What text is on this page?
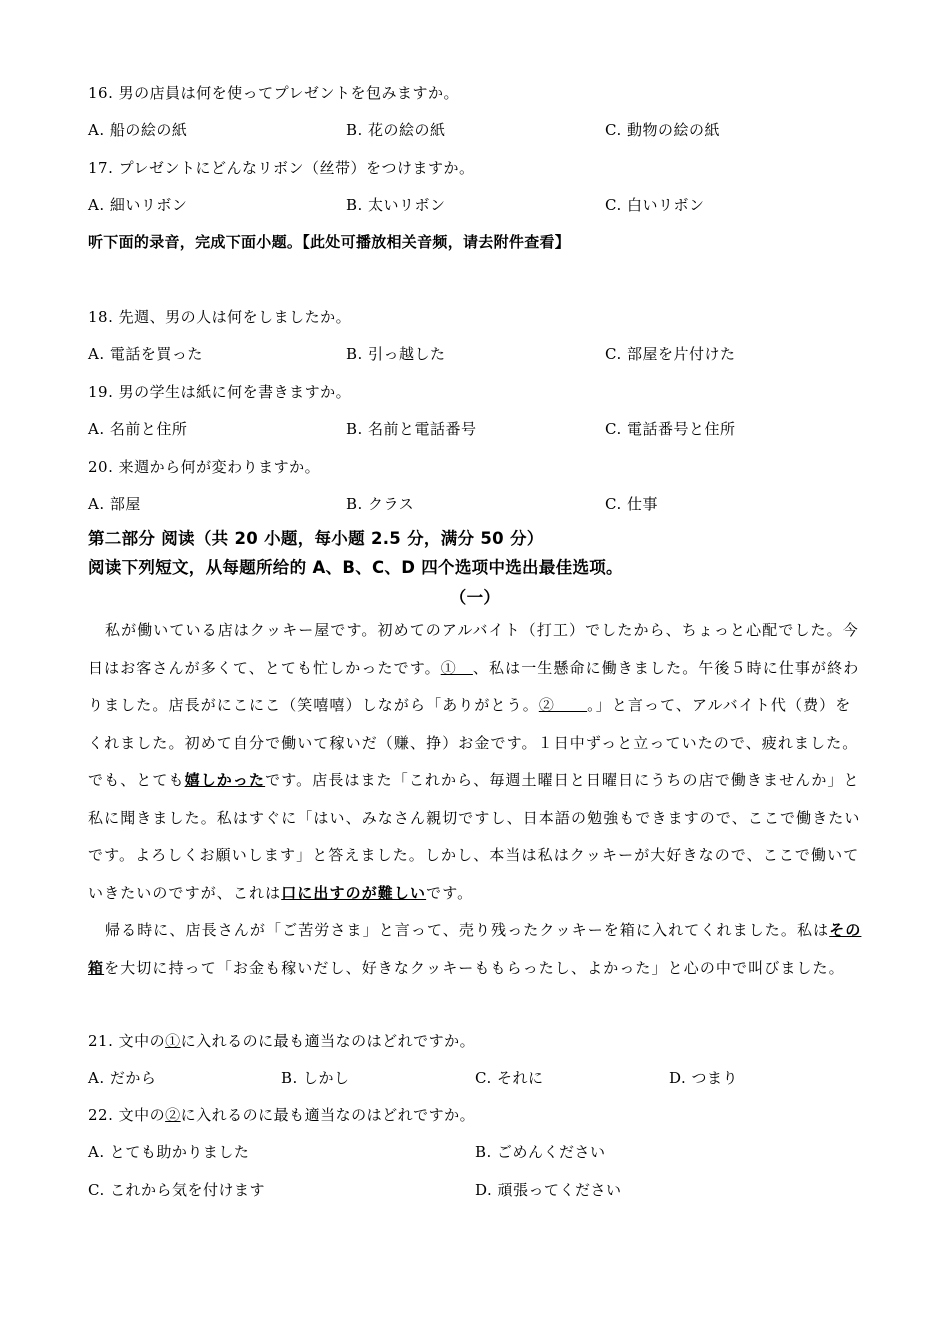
16. 男の店員は何を使ってプレゼントを包みますか。
A. 船の絵の紙	B. 花の絵の紙	C. 動物の絵の紙
17. プレゼントにどんなリボン（丝带）をつけますか。
A. 細いリボン	B. 太いリボン	C. 白いリボン
听下面的录音，完成下面小题。【此处可播放相关音频，请去附件查看】
18. 先週、男の人は何をしましたか。
A. 電話を買った	B. 引っ越した	C. 部屋を片付けた
19. 男の学生は紙に何を書きますか。
A. 名前と住所	B. 名前と電話番号	C. 電話番号と住所
20. 来週から何が変わりますか。
A. 部屋	B. クラス	C. 仕事
第二部分 阅读（共 20 小题，每小题 2.5 分，满分 50 分）
阅读下列短文，从每题所给的 A、B、C、D 四个选项中选出最佳选项。
（一）
私が働いている店はクッキー屋です。初めてのアルバイト（打工）でしたから、ちょっと心配でした。今日はお客さんが多くて、とても忙しかったです。①　、私は一生懸命に働きました。午後５時に仕事が終わりました。店長がにこにこ（笑嘻嘻）しながら「ありがとう。②　　。」と言って、アルバイト代（费）をくれました。初めて自分で働いて稼いだ（赚、挣）お金です。１日中ずっと立っていたので、疲れました。でも、とても嬉しかったです。店長はまた「これから、毎週土曜日と日曜日にうちの店で働きませんか」と私に聞きました。私はすぐに「はい、みなさん親切ですし、日本語の勉強もできますので、ここで働きたいです。よろしくお願いします」と答えました。しかし、本当は私はクッキーが大好きなので、ここで働いていきたいのですが、これは口に出すのが難しいです。
帰る時に、店長さんが「ご苦労さま」と言って、売り残ったクッキーを箱に入れてくれました。私はその箱を大切に持って「お金も稼いだし、好きなクッキーももらったし、よかった」と心の中で叫びました。
21. 文中の①に入れるのに最も適当なのはどれですか。
A. だから	B. しかし	C. それに	D. つまり
22. 文中の②に入れるのに最も適当なのはどれですか。
A. とても助かりました	B. ごめんください
C. これから気を付けます	D. 頑張ってください
